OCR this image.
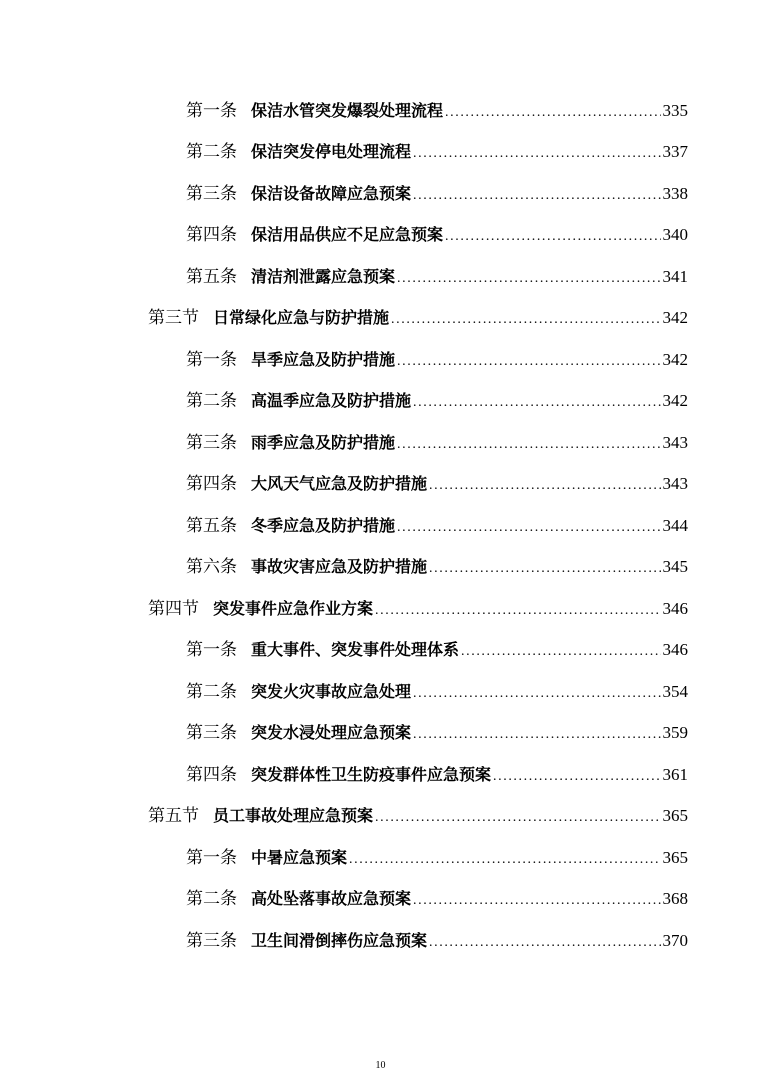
第一条 保洁水管突发爆裂处理流程 .....	335
第二条 保洁突发停电处理流程 .....	337
第三条 保洁设备故障应急预案 .....	338
第四条 保洁用品供应不足应急预案 .....	340
第五条 清洁剂泄露应急预案 .....	341
第三节 日常绿化应急与防护措施 .....	342
第一条 旱季应急及防护措施 .....	342
第二条 高温季应急及防护措施 .....	342
第三条 雨季应急及防护措施 .....	343
第四条 大风天气应急及防护措施 .....	343
第五条 冬季应急及防护措施 .....	344
第六条 事故灾害应急及防护措施 .....	345
第四节 突发事件应急作业方案 .....	346
第一条 重大事件、突发事件处理体系 .....	346
第二条 突发火灾事故应急处理 .....	354
第三条 突发水浸处理应急预案 .....	359
第四条 突发群体性卫生防疫事件应急预案 .....	361
第五节 员工事故处理应急预案 .....	365
第一条 中暑应急预案 .....	365
第二条 高处坠落事故应急预案 .....	368
第三条 卫生间滑倒摔伤应急预案 .....	370
10
